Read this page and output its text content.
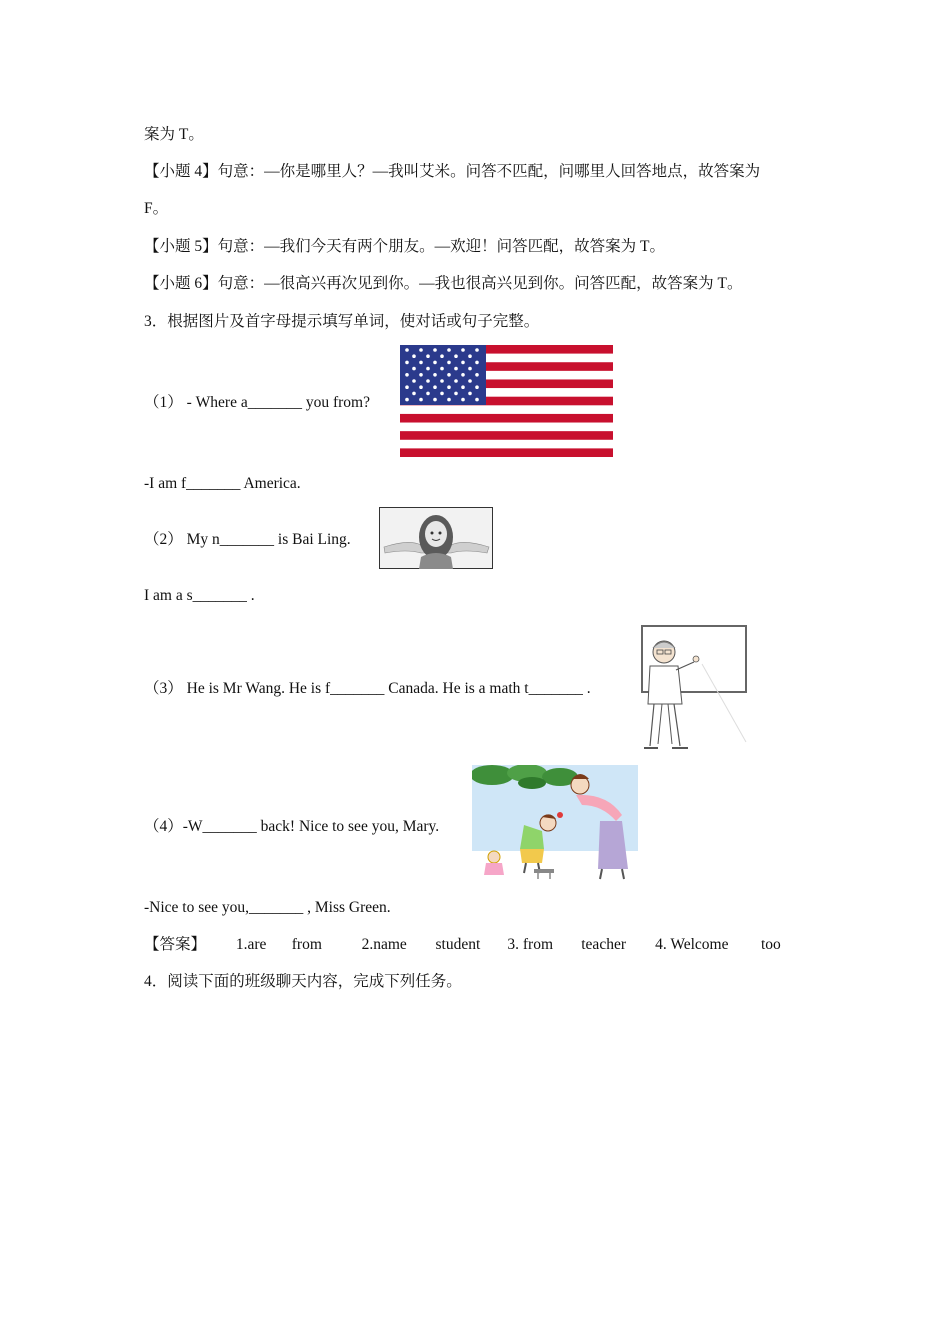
案为 T。
【小题 4】句意：—你是哪里人？—我叫艾米。问答不匹配，问哪里人回答地点，故答案为
F。
【小题 5】句意：—我们今天有两个朋友。—欢迎！问答匹配，故答案为 T。
【小题 6】句意：—很高兴再次见到你。—我也很高兴见到你。问答匹配，故答案为 T。
3．根据图片及首字母提示填写单词，使对话或句子完整。
（1） - Where a_______ you from?
-I am f_______ America.
（2） My n_______ is Bai Ling.
I am a s_______ .
（3） He is Mr Wang. He is f_______ Canada. He is a math t_______ .
（4）-W_______ back! Nice to see you, Mary.
-Nice to see you,_______ , Miss Green.
【答案】 1.are from	2.name student 3. from teacher 4. Welcome too
4．阅读下面的班级聊天内容，完成下列任务。
